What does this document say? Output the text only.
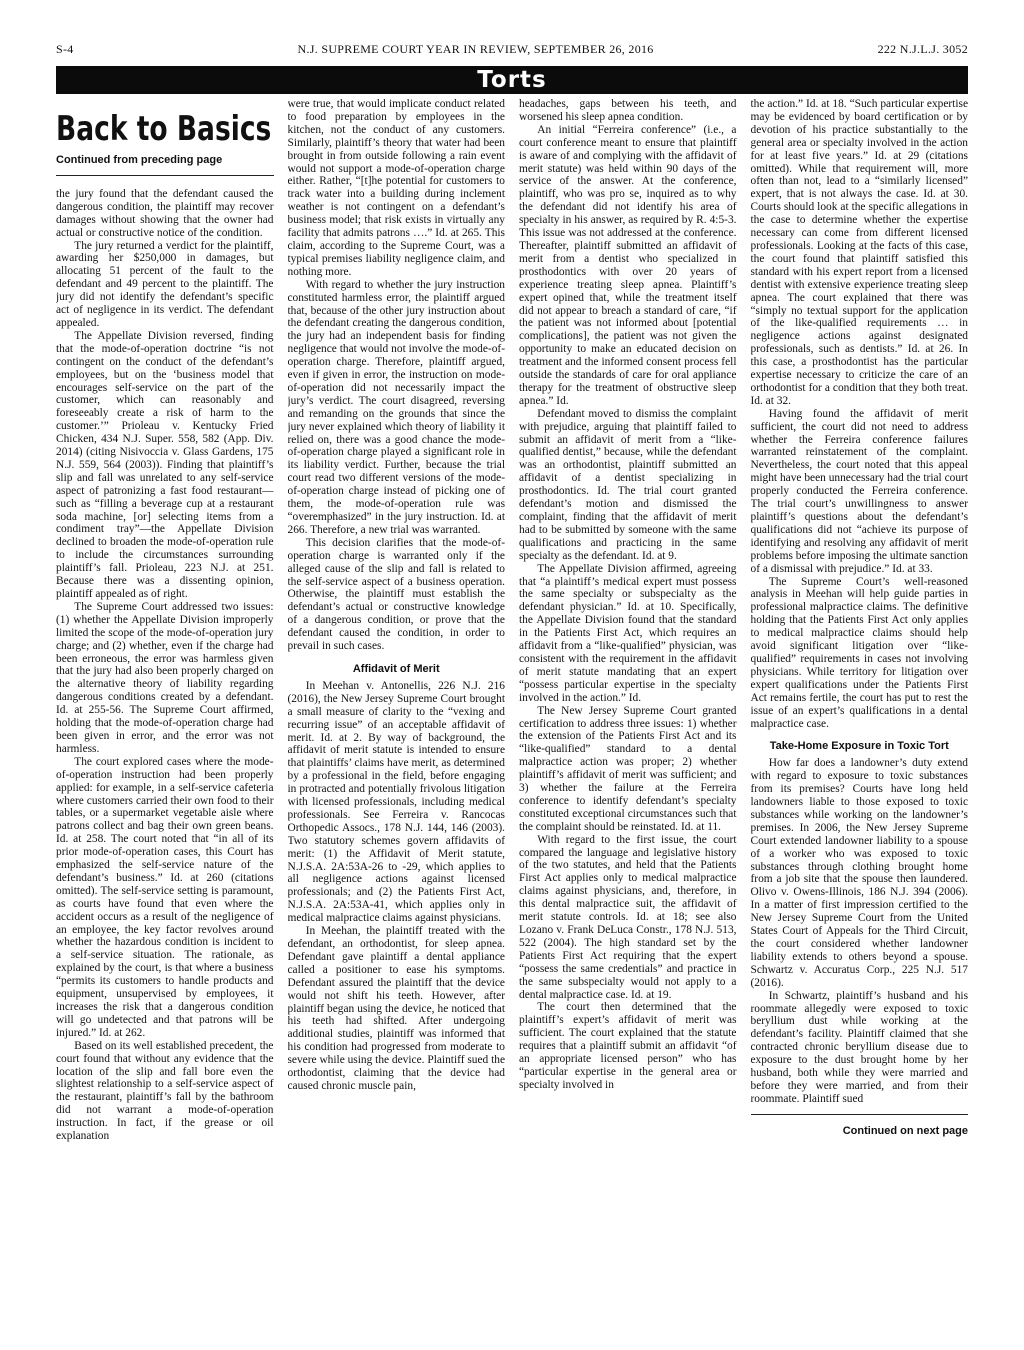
S-4	N.J. SUPREME COURT YEAR IN REVIEW, SEPTEMBER 26, 2016	222 N.J.L.J. 3052
Torts
Back to Basics
Continued from preceding page

the jury found that the defendant caused the dangerous condition, the plaintiff may recover damages without showing that the owner had actual or constructive notice of the condition.

The jury returned a verdict for the plaintiff, awarding her $250,000 in damages, but allocating 51 percent of the fault to the defendant and 49 percent to the plaintiff. The jury did not identify the defendant’s specific act of negligence in its verdict. The defendant appealed.

The Appellate Division reversed, finding that the mode-of-operation doctrine “is not contingent on the conduct of the defendant’s employees, but on the ‘business model that encourages self-service on the part of the customer, which can reasonably and foreseeably create a risk of harm to the customer.’” Prioleau v. Kentucky Fried Chicken, 434 N.J. Super. 558, 582 (App. Div. 2014) (citing Nisivoccia v. Glass Gardens, 175 N.J. 559, 564 (2003)). Finding that plaintiff’s slip and fall was unrelated to any self-service aspect of patronizing a fast food restaurant—such as “filling a beverage cup at a restaurant soda machine, [or] selecting items from a condiment tray”—the Appellate Division declined to broaden the mode-of-operation rule to include the circumstances surrounding plaintiff’s fall. Prioleau, 223 N.J. at 251. Because there was a dissenting opinion, plaintiff appealed as of right.

The Supreme Court addressed two issues: (1) whether the Appellate Division improperly limited the scope of the mode-of-operation jury charge; and (2) whether, even if the charge had been erroneous, the error was harmless given that the jury had also been properly charged on the alternative theory of liability regarding dangerous conditions created by a defendant. Id. at 255-56. The Supreme Court affirmed, holding that the mode-of-operation charge had been given in error, and the error was not harmless.

The court explored cases where the mode-of-operation instruction had been properly applied: for example, in a self-service cafeteria where customers carried their own food to their tables, or a supermarket vegetable aisle where patrons collect and bag their own green beans. Id. at 258. The court noted that “in all of its prior mode-of-operation cases, this Court has emphasized the self-service nature of the defendant’s business.” Id. at 260 (citations omitted). The self-service setting is paramount, as courts have found that even where the accident occurs as a result of the negligence of an employee, the key factor revolves around whether the hazardous condition is incident to a self-service situation. The rationale, as explained by the court, is that where a business “permits its customers to handle products and equipment, unsupervised by employees, it increases the risk that a dangerous condition will go undetected and that patrons will be injured.” Id. at 262.

Based on its well established precedent, the court found that without any evidence that the location of the slip and fall bore even the slightest relationship to a self-service aspect of the restaurant, plaintiff’s fall by the bathroom did not warrant a mode-of-operation instruction. In fact, if the grease or oil explanation

were true, that would implicate conduct related to food preparation by employees in the kitchen, not the conduct of any customers. Similarly, plaintiff’s theory that water had been brought in from outside following a rain event would not support a mode-of-operation charge either. Rather, “[t]he potential for customers to track water into a building during inclement weather is not contingent on a defendant’s business model; that risk exists in virtually any facility that admits patrons ….” Id. at 265. This claim, according to the Supreme Court, was a typical premises liability negligence claim, and nothing more.

With regard to whether the jury instruction constituted harmless error, the plaintiff argued that, because of the other jury instruction about the defendant creating the dangerous condition, the jury had an independent basis for finding negligence that would not involve the mode-of-operation charge. Therefore, plaintiff argued, even if given in error, the instruction on mode-of-operation did not necessarily impact the jury’s verdict. The court disagreed, reversing and remanding on the grounds that since the jury never explained which theory of liability it relied on, there was a good chance the mode-of-operation charge played a significant role in its liability verdict. Further, because the trial court read two different versions of the mode-of-operation charge instead of picking one of them, the mode-of-operation rule was “overemphasized” in the jury instruction. Id. at 266. Therefore, a new trial was warranted.

This decision clarifies that the mode-of-operation charge is warranted only if the alleged cause of the slip and fall is related to the self-service aspect of a business operation. Otherwise, the plaintiff must establish the defendant’s actual or constructive knowledge of a dangerous condition, or prove that the defendant caused the condition, in order to prevail in such cases.

Affidavit of Merit

In Meehan v. Antonellis, 226 N.J. 216 (2016), the New Jersey Supreme Court brought a small measure of clarity to the “vexing and recurring issue” of an acceptable affidavit of merit. Id. at 2. By way of background, the affidavit of merit statute is intended to ensure that plaintiffs’ claims have merit, as determined by a professional in the field, before engaging in protracted and potentially frivolous litigation with licensed professionals, including medical professionals. See Ferreira v. Rancocas Orthopedic Assocs., 178 N.J. 144, 146 (2003). Two statutory schemes govern affidavits of merit: (1) the Affidavit of Merit statute, N.J.S.A. 2A:53A-26 to -29, which applies to all negligence actions against licensed professionals; and (2) the Patients First Act, N.J.S.A. 2A:53A-41, which applies only in medical malpractice claims against physicians.

In Meehan, the plaintiff treated with the defendant, an orthodontist, for sleep apnea. Defendant gave plaintiff a dental appliance called a positioner to ease his symptoms. Defendant assured the plaintiff that the device would not shift his teeth. However, after plaintiff began using the device, he noticed that his teeth had shifted. After undergoing additional studies, plaintiff was informed that his condition had progressed from moderate to severe while using the device. Plaintiff sued the orthodontist, claiming that the device had caused chronic muscle pain,

headaches, gaps between his teeth, and worsened his sleep apnea condition.

An initial “Ferreira conference” (i.e., a court conference meant to ensure that plaintiff is aware of and complying with the affidavit of merit statute) was held within 90 days of the service of the answer. At the conference, plaintiff, who was pro se, inquired as to why the defendant did not identify his area of specialty in his answer, as required by R. 4:5-3. This issue was not addressed at the conference. Thereafter, plaintiff submitted an affidavit of merit from a dentist who specialized in prosthodontics with over 20 years of experience treating sleep apnea. Plaintiff’s expert opined that, while the treatment itself did not appear to breach a standard of care, “if the patient was not informed about [potential complications], the patient was not given the opportunity to make an educated decision on treatment and the informed consent process fell outside the standards of care for oral appliance therapy for the treatment of obstructive sleep apnea.” Id.

Defendant moved to dismiss the complaint with prejudice, arguing that plaintiff failed to submit an affidavit of merit from a “like-qualified dentist,” because, while the defendant was an orthodontist, plaintiff submitted an affidavit of a dentist specializing in prosthodontics. Id. The trial court granted defendant’s motion and dismissed the complaint, finding that the affidavit of merit had to be submitted by someone with the same qualifications and practicing in the same specialty as the defendant. Id. at 9.

The Appellate Division affirmed, agreeing that “a plaintiff’s medical expert must possess the same specialty or subspecialty as the defendant physician.” Id. at 10. Specifically, the Appellate Division found that the standard in the Patients First Act, which requires an affidavit from a “like-qualified” physician, was consistent with the requirement in the affidavit of merit statute mandating that an expert “possess particular expertise in the specialty involved in the action.” Id.

The New Jersey Supreme Court granted certification to address three issues: 1) whether the extension of the Patients First Act and its “like-qualified” standard to a dental malpractice action was proper; 2) whether plaintiff’s affidavit of merit was sufficient; and 3) whether the failure at the Ferreira conference to identify defendant’s specialty constituted exceptional circumstances such that the complaint should be reinstated. Id. at 11.

With regard to the first issue, the court compared the language and legislative history of the two statutes, and held that the Patients First Act applies only to medical malpractice claims against physicians, and, therefore, in this dental malpractice suit, the affidavit of merit statute controls. Id. at 18; see also Lozano v. Frank DeLuca Constr., 178 N.J. 513, 522 (2004). The high standard set by the Patients First Act requiring that the expert “possess the same credentials” and practice in the same subspecialty would not apply to a dental malpractice case. Id. at 19.

The court then determined that the plaintiff’s expert’s affidavit of merit was sufficient. The court explained that the statute requires that a plaintiff submit an affidavit “of an appropriate licensed person” who has “particular expertise in the general area or specialty involved in

the action.” Id. at 18. “Such particular expertise may be evidenced by board certification or by devotion of his practice substantially to the general area or specialty involved in the action for at least five years.” Id. at 29 (citations omitted). While that requirement will, more often than not, lead to a “similarly licensed” expert, that is not always the case. Id. at 30. Courts should look at the specific allegations in the case to determine whether the expertise necessary can come from different licensed professionals. Looking at the facts of this case, the court found that plaintiff satisfied this standard with his expert report from a licensed dentist with extensive experience treating sleep apnea. The court explained that there was “simply no textual support for the application of the like-qualified requirements … in negligence actions against designated professionals, such as dentists.” Id. at 26. In this case, a prosthodontist has the particular expertise necessary to criticize the care of an orthodontist for a condition that they both treat. Id. at 32.

Having found the affidavit of merit sufficient, the court did not need to address whether the Ferreira conference failures warranted reinstatement of the complaint. Nevertheless, the court noted that this appeal might have been unnecessary had the trial court properly conducted the Ferreira conference. The trial court’s unwillingness to answer plaintiff’s questions about the defendant’s qualifications did not “achieve its purpose of identifying and resolving any affidavit of merit problems before imposing the ultimate sanction of a dismissal with prejudice.” Id. at 33.

The Supreme Court’s well-reasoned analysis in Meehan will help guide parties in professional malpractice claims. The definitive holding that the Patients First Act only applies to medical malpractice claims should help avoid significant litigation over “like-qualified” requirements in cases not involving physicians. While territory for litigation over expert qualifications under the Patients First Act remains fertile, the court has put to rest the issue of an expert’s qualifications in a dental malpractice case.

Take-Home Exposure in Toxic Tort

How far does a landowner’s duty extend with regard to exposure to toxic substances from its premises? Courts have long held landowners liable to those exposed to toxic substances while working on the landowner’s premises. In 2006, the New Jersey Supreme Court extended landowner liability to a spouse of a worker who was exposed to toxic substances through clothing brought home from a job site that the spouse then laundered. Olivo v. Owens-Illinois, 186 N.J. 394 (2006). In a matter of first impression certified to the New Jersey Supreme Court from the United States Court of Appeals for the Third Circuit, the court considered whether landowner liability extends to others beyond a spouse. Schwartz v. Accuratus Corp., 225 N.J. 517 (2016).

In Schwartz, plaintiff’s husband and his roommate allegedly were exposed to toxic beryllium dust while working at the defendant’s facility. Plaintiff claimed that she contracted chronic beryllium disease due to exposure to the dust brought home by her husband, both while they were married and before they were married, and from their roommate. Plaintiff sued

Continued on next page
